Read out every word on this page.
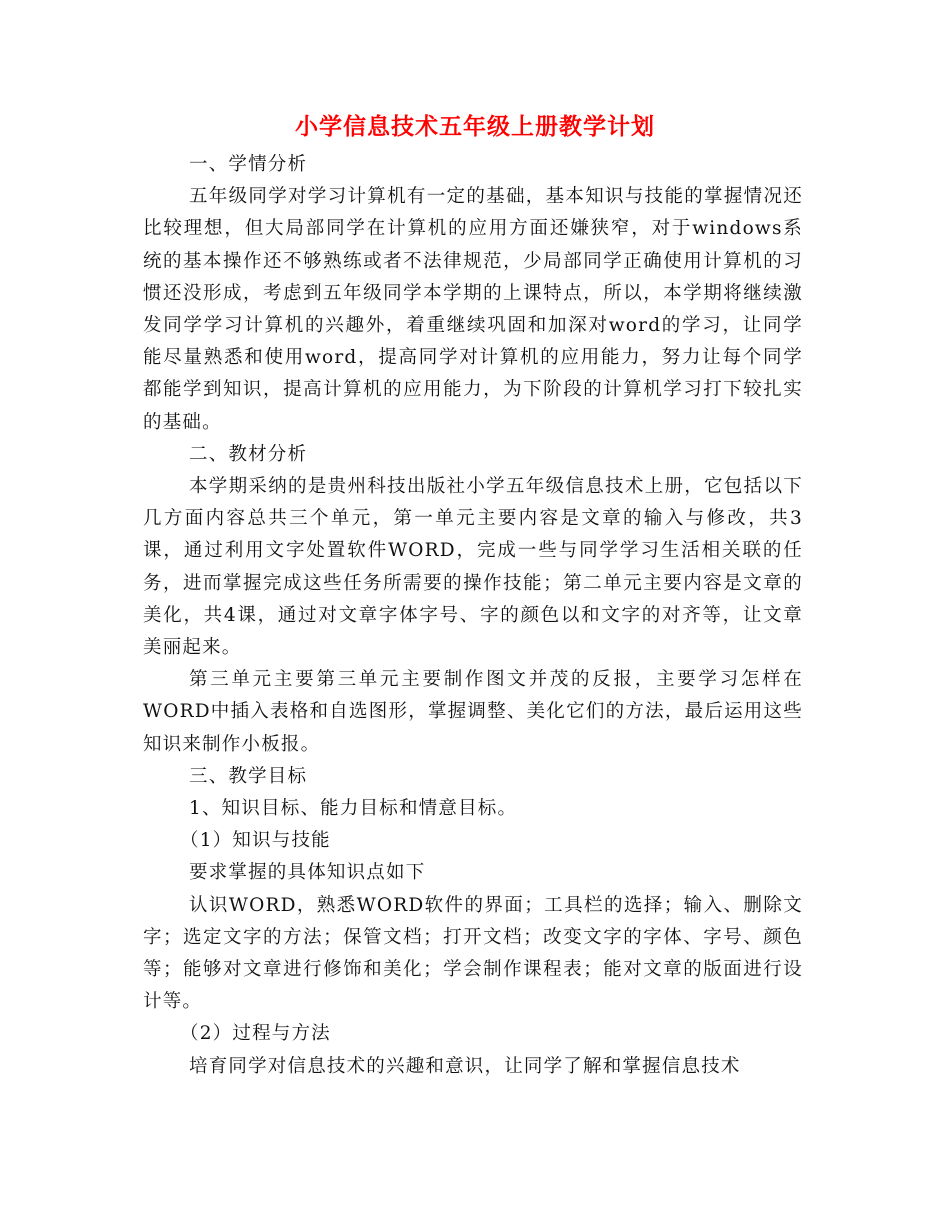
小学信息技术五年级上册教学计划

一、学情分析

五年级同学对学习计算机有一定的基础，基本知识与技能的掌握情况还比较理想，但大局部同学在计算机的应用方面还嫌狭窄，对于windows系统的基本操作还不够熟练或者不法律规范，少局部同学正确使用计算机的习惯还没形成，考虑到五年级同学本学期的上课特点，所以，本学期将继续激发同学学习计算机的兴趣外，着重继续巩固和加深对word的学习，让同学能尽量熟悉和使用word，提高同学对计算机的应用能力，努力让每个同学都能学到知识，提高计算机的应用能力，为下阶段的计算机学习打下较扎实的基础。

二、教材分析

本学期采纳的是贵州科技出版社小学五年级信息技术上册，它包括以下几方面内容总共三个单元，第一单元主要内容是文章的输入与修改，共3课，通过利用文字处置软件WORD，完成一些与同学学习生活相关联的任务，进而掌握完成这些任务所需要的操作技能；第二单元主要内容是文章的美化，共4课，通过对文章字体字号、字的颜色以和文字的对齐等，让文章美丽起来。

第三单元主要第三单元主要制作图文并茂的反报，主要学习怎样在WORD中插入表格和自选图形，掌握调整、美化它们的方法，最后运用这些知识来制作小板报。

三、教学目标

1、知识目标、能力目标和情意目标。

（1）知识与技能

要求掌握的具体知识点如下

认识WORD，熟悉WORD软件的界面；工具栏的选择；输入、删除文字；选定文字的方法；保管文档；打开文档；改变文字的字体、字号、颜色等；能够对文章进行修饰和美化；学会制作课程表；能对文章的版面进行设计等。

（2）过程与方法

培育同学对信息技术的兴趣和意识，让同学了解和掌握信息技术
